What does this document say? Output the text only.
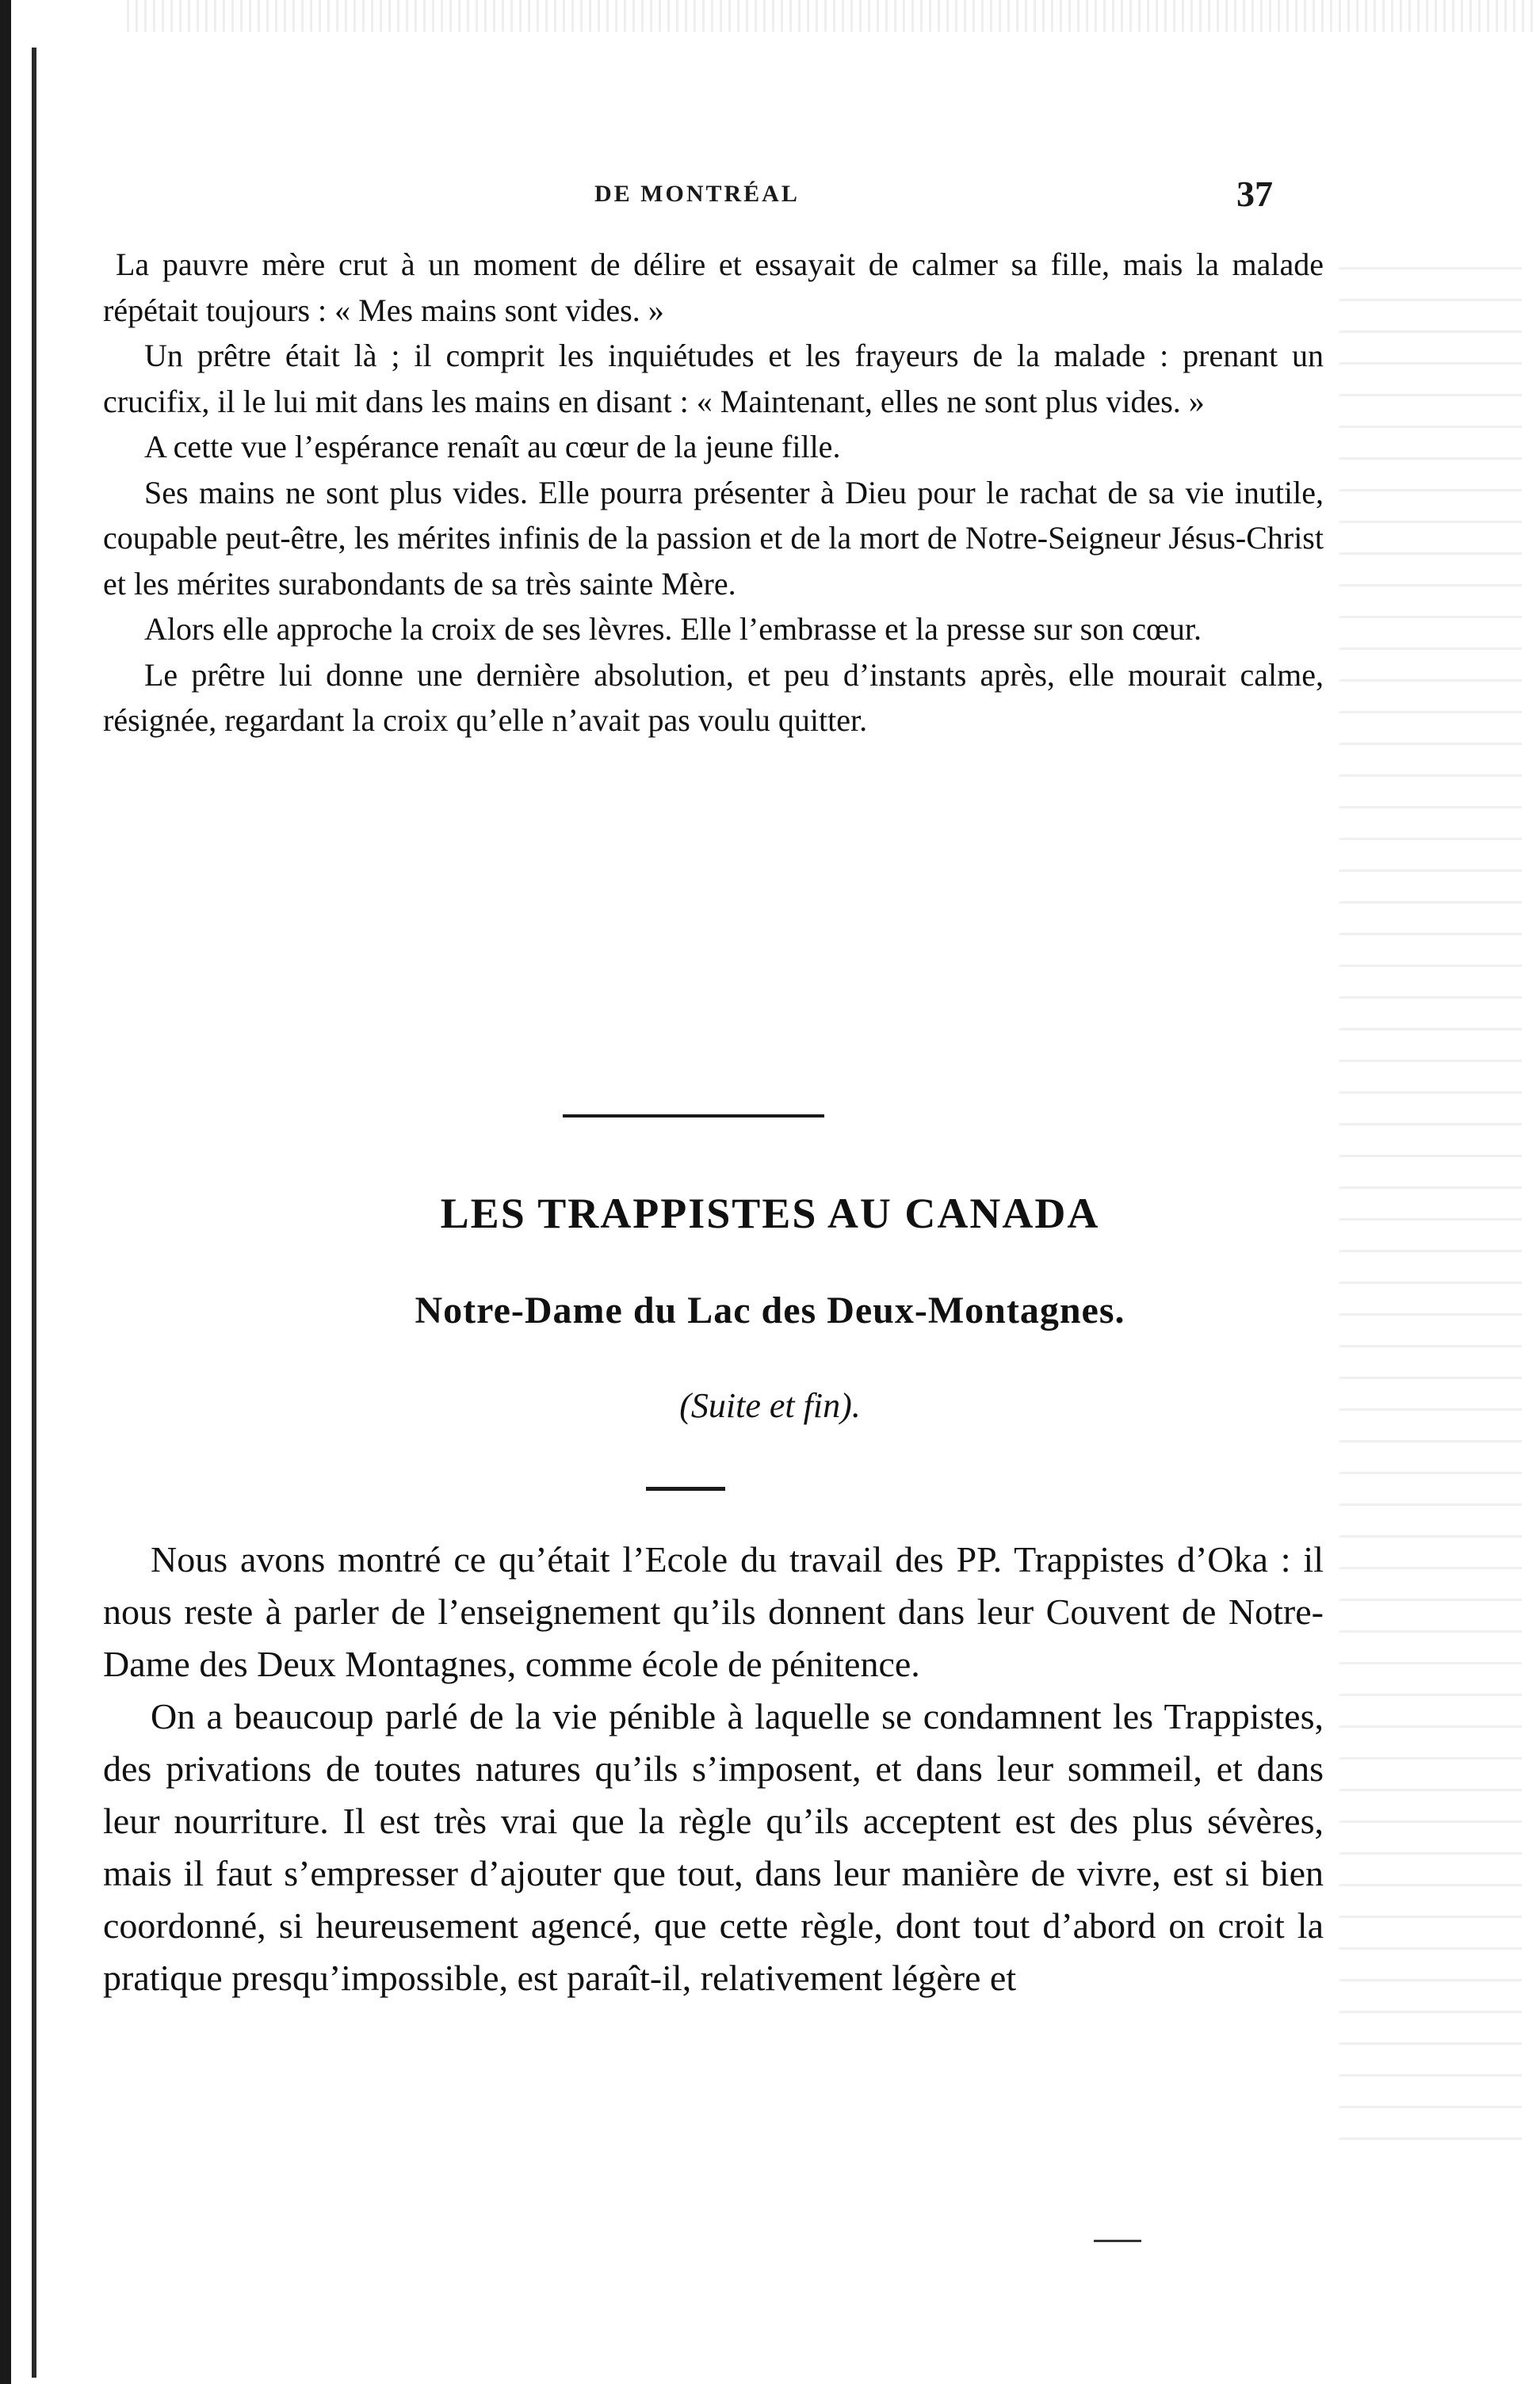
DE MONTRÉAL	37

La pauvre mère crut à un moment de délire et essayait de calmer sa fille, mais la malade répétait toujours : « Mes mains sont vides. »

Un prêtre était là ; il comprit les inquiétudes et les frayeurs de la malade : prenant un crucifix, il le lui mit dans les mains en disant : « Maintenant, elles ne sont plus vides. »

A cette vue l’espérance renaît au cœur de la jeune fille.

Ses mains ne sont plus vides. Elle pourra présenter à Dieu pour le rachat de sa vie inutile, coupable peut-être, les mérites infinis de la passion et de la mort de Notre-Seigneur Jésus-Christ et les mérites surabondants de sa très sainte Mère.

Alors elle approche la croix de ses lèvres. Elle l’embrasse et la presse sur son cœur.

Le prêtre lui donne une dernière absolution, et peu d’instants après, elle mourait calme, résignée, regardant la croix qu’elle n’avait pas voulu quitter.

LES TRAPPISTES AU CANADA
Notre-Dame du Lac des Deux-Montagnes.
(Suite et fin).

Nous avons montré ce qu’était l’Ecole du travail des PP. Trappistes d’Oka : il nous reste à parler de l’enseignement qu’ils donnent dans leur Couvent de Notre-Dame des Deux Montagnes, comme école de pénitence.

On a beaucoup parlé de la vie pénible à laquelle se condamnent les Trappistes, des privations de toutes natures qu’ils s’imposent, et dans leur sommeil, et dans leur nourriture. Il est très vrai que la règle qu’ils acceptent est des plus sévères, mais il faut s’empresser d’ajouter que tout, dans leur manière de vivre, est si bien coordonné, si heureusement agencé, que cette règle, dont tout d’abord on croit la pratique presqu’impossible, est paraît-il, relativement légère et
